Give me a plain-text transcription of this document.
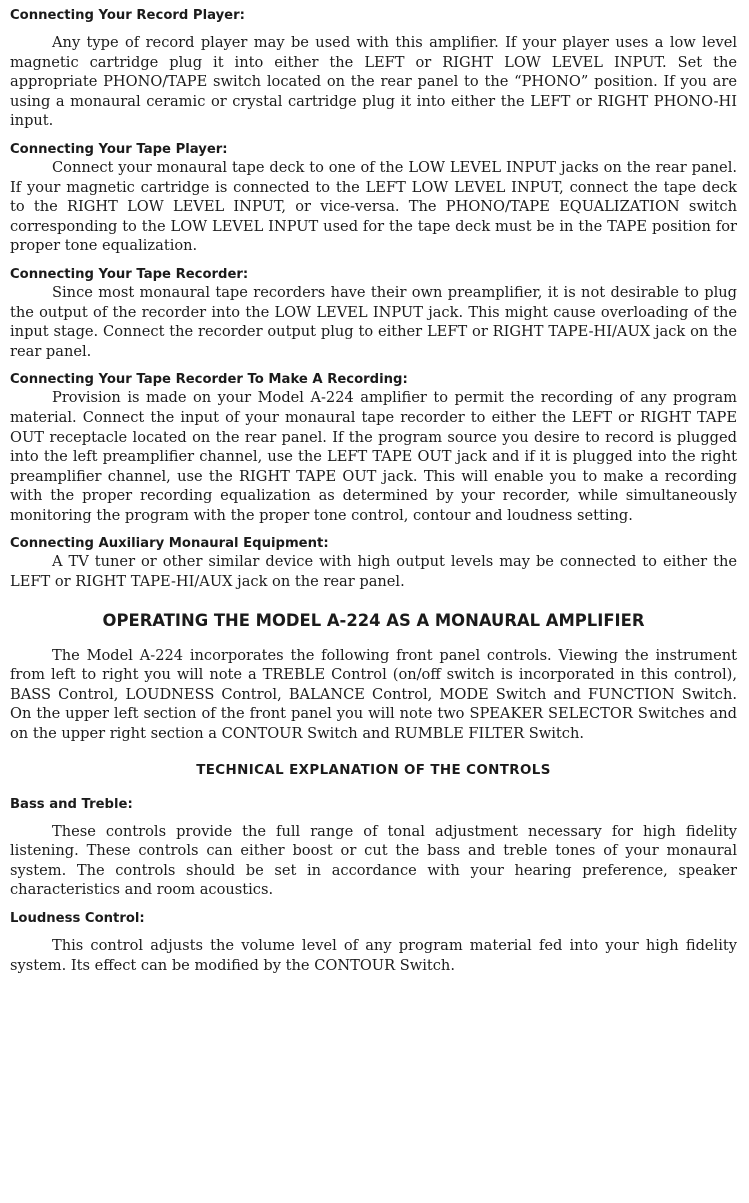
Connecting Your Record Player:

Any type of record player may be used with this amplifier. If your player uses a low level magnetic cartridge plug it into either the LEFT or RIGHT LOW LEVEL INPUT. Set the appropriate PHONO/TAPE switch located on the rear panel to the “PHONO” position. If you are using a monaural ceramic or crystal cartridge plug it into either the LEFT or RIGHT PHONO-HI input.

Connecting Your Tape Player:

Connect your monaural tape deck to one of the LOW LEVEL INPUT jacks on the rear panel. If your magnetic cartridge is connected to the LEFT LOW LEVEL INPUT, connect the tape deck to the RIGHT LOW LEVEL INPUT, or vice-versa. The PHONO/TAPE EQUALIZATION switch corresponding to the LOW LEVEL INPUT used for the tape deck must be in the TAPE position for proper tone equalization.

Connecting Your Tape Recorder:

Since most monaural tape recorders have their own preamplifier, it is not desirable to plug the output of the recorder into the LOW LEVEL INPUT jack. This might cause overloading of the input stage. Connect the recorder output plug to either LEFT or RIGHT TAPE-HI/AUX jack on the rear panel.

Connecting Your Tape Recorder To Make A Recording:

Provision is made on your Model A-224 amplifier to permit the recording of any program material. Connect the input of your monaural tape recorder to either the LEFT or RIGHT TAPE OUT receptacle located on the rear panel. If the program source you desire to record is plugged into the left preamplifier channel, use the LEFT TAPE OUT jack and if it is plugged into the right preamplifier channel, use the RIGHT TAPE OUT jack. This will enable you to make a recording with the proper recording equalization as determined by your recorder, while simultaneously monitoring the program with the proper tone control, contour and loudness setting.

Connecting Auxiliary Monaural Equipment:

A TV tuner or other similar device with high output levels may be connected to either the LEFT or RIGHT TAPE-HI/AUX jack on the rear panel.

OPERATING THE MODEL A-224 AS A MONAURAL AMPLIFIER

The Model A-224 incorporates the following front panel controls. Viewing the instrument from left to right you will note a TREBLE Control (on/off switch is incorporated in this control), BASS Control, LOUDNESS Control, BALANCE Control, MODE Switch and FUNCTION Switch. On the upper left section of the front panel you will note two SPEAKER SELECTOR Switches and on the upper right section a CONTOUR Switch and RUMBLE FILTER Switch.

TECHNICAL EXPLANATION OF THE CONTROLS
Bass and Treble:

These controls provide the full range of tonal adjustment necessary for high fidelity listening. These controls can either boost or cut the bass and treble tones of your monaural system. The controls should be set in accordance with your hearing preference, speaker characteristics and room acoustics.

Loudness Control:

This control adjusts the volume level of any program material fed into your high fidelity system. Its effect can be modified by the CONTOUR Switch.
